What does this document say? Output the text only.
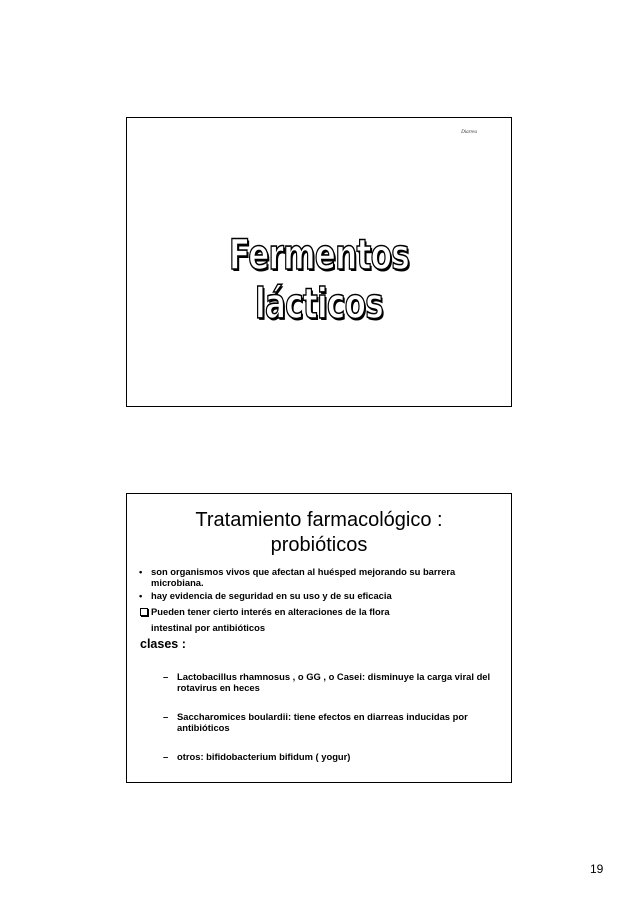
Diarrea
Fermentos lácticos
Tratamiento farmacológico :
probióticos
• son organismos vivos que afectan al huésped mejorando su barrera microbiana.
• hay evidencia de seguridad en su uso y de su eficacia
Pueden tener cierto interés en alteraciones de la flora
intestinal por antibióticos
clases :
– Lactobacillus rhamnosus , o GG , o Casei: disminuye la carga viral del rotavirus en heces
– Saccharomices boulardii: tiene efectos en diarreas inducidas por antibióticos
– otros: bifidobacterium bifidum ( yogur)
19
